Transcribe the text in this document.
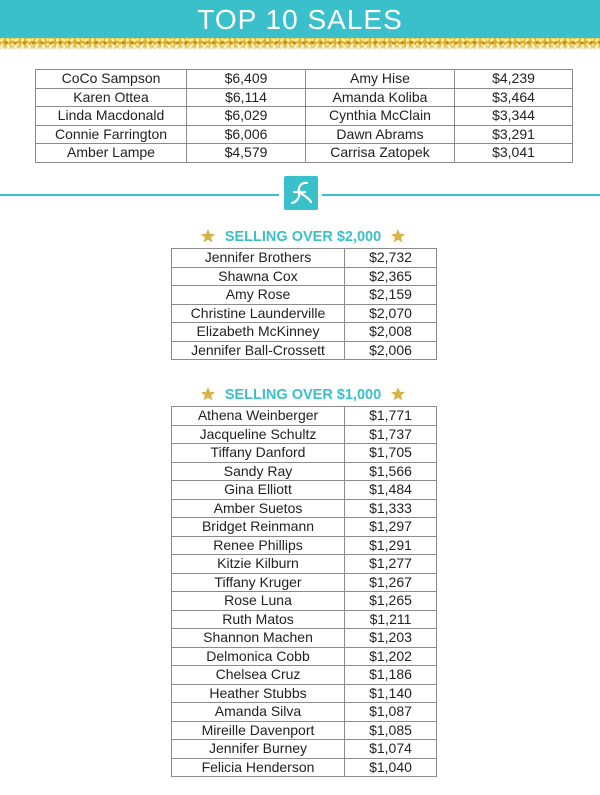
TOP 10 SALES
CoCo Sampson	$6,409	Amy Hise	$4,239
Karen Ottea	$6,114	Amanda Koliba	$3,464
Linda Macdonald	$6,029	Cynthia McClain	$3,344
Connie Farrington	$6,006	Dawn Abrams	$3,291
Amber Lampe	$4,579	Carrisa Zatopek	$3,041
SELLING OVER $2,000
Jennifer Brothers	$2,732
Shawna Cox	$2,365
Amy Rose	$2,159
Christine Launderville	$2,070
Elizabeth McKinney	$2,008
Jennifer Ball-Crossett	$2,006
SELLING OVER $1,000
Athena Weinberger	$1,771
Jacqueline Schultz	$1,737
Tiffany Danford	$1,705
Sandy Ray	$1,566
Gina Elliott	$1,484
Amber Suetos	$1,333
Bridget Reinmann	$1,297
Renee Phillips	$1,291
Kitzie Kilburn	$1,277
Tiffany Kruger	$1,267
Rose Luna	$1,265
Ruth Matos	$1,211
Shannon Machen	$1,203
Delmonica Cobb	$1,202
Chelsea Cruz	$1,186
Heather Stubbs	$1,140
Amanda Silva	$1,087
Mireille Davenport	$1,085
Jennifer Burney	$1,074
Felicia Henderson	$1,040
